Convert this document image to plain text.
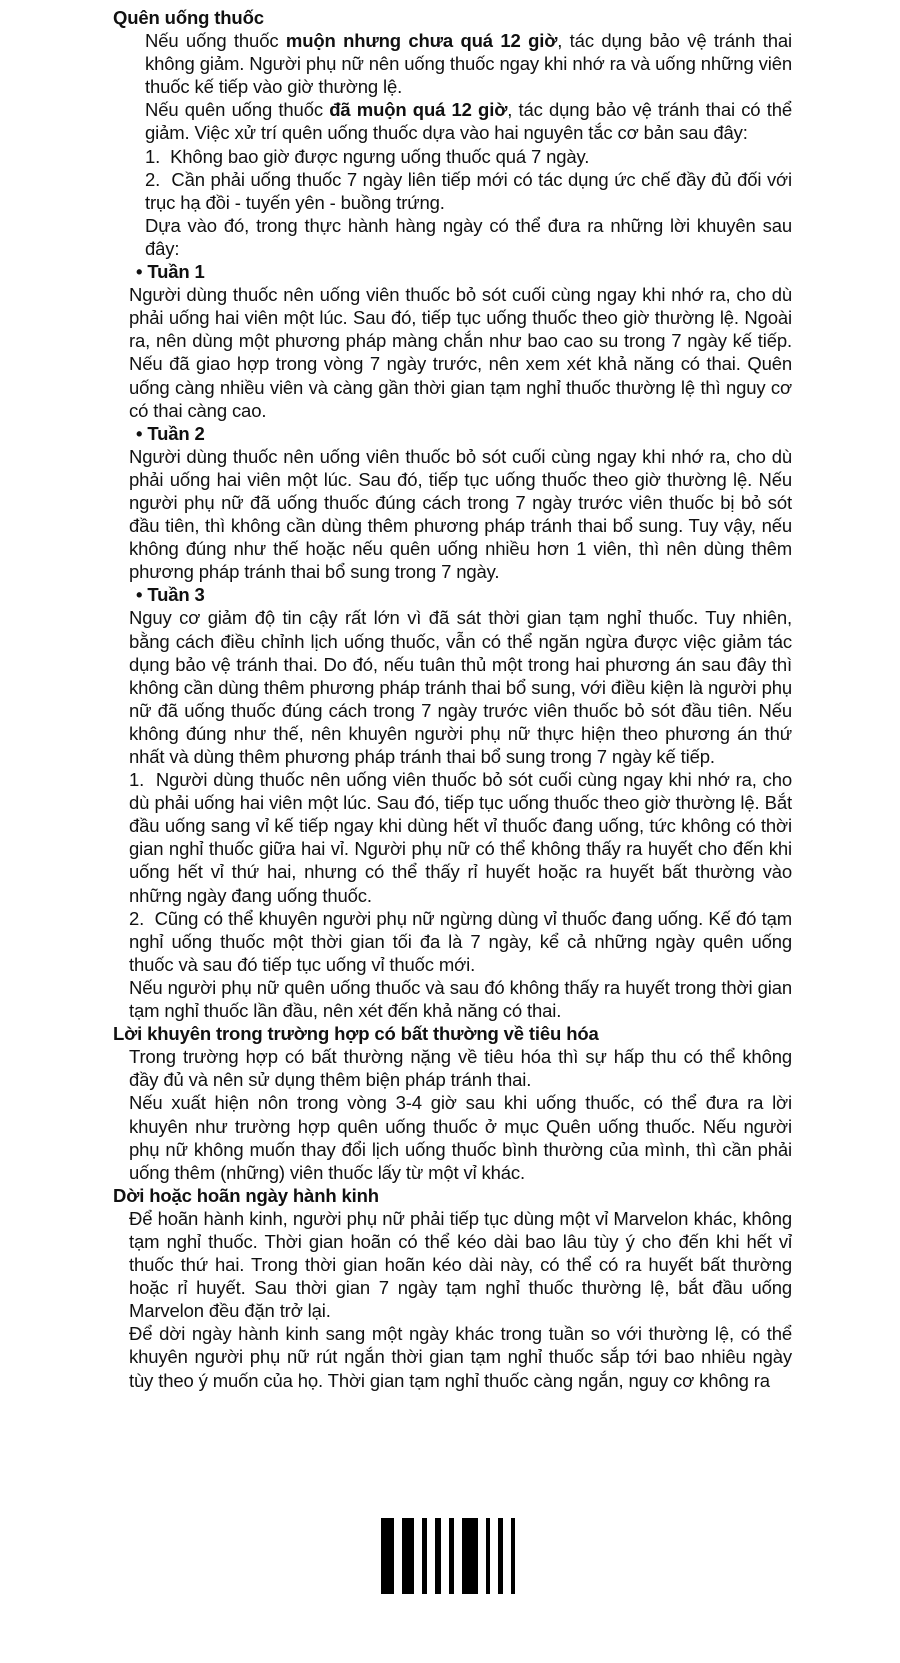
Quên uống thuốc
Nếu uống thuốc muộn nhưng chưa quá 12 giờ, tác dụng bảo vệ tránh thai không giảm. Người phụ nữ nên uống thuốc ngay khi nhớ ra và uống những viên thuốc kế tiếp vào giờ thường lệ.
Nếu quên uống thuốc đã muộn quá 12 giờ, tác dụng bảo vệ tránh thai có thể giảm. Việc xử trí quên uống thuốc dựa vào hai nguyên tắc cơ bản sau đây:
1.  Không bao giờ được ngưng uống thuốc quá 7 ngày.
2.  Cần phải uống thuốc 7 ngày liên tiếp mới có tác dụng ức chế đầy đủ đối với trục hạ đồi - tuyến yên - buồng trứng.
Dựa vào đó, trong thực hành hàng ngày có thể đưa ra những lời khuyên sau đây:
• Tuần 1
Người dùng thuốc nên uống viên thuốc bỏ sót cuối cùng ngay khi nhớ ra, cho dù phải uống hai viên một lúc. Sau đó, tiếp tục uống thuốc theo giờ thường lệ. Ngoài ra, nên dùng một phương pháp màng chắn như bao cao su trong 7 ngày kế tiếp. Nếu đã giao hợp trong vòng 7 ngày trước, nên xem xét khả năng có thai. Quên uống càng nhiều viên và càng gần thời gian tạm nghỉ thuốc thường lệ thì nguy cơ có thai càng cao.
• Tuần 2
Người dùng thuốc nên uống viên thuốc bỏ sót cuối cùng ngay khi nhớ ra, cho dù phải uống hai viên một lúc. Sau đó, tiếp tục uống thuốc theo giờ thường lệ. Nếu người phụ nữ đã uống thuốc đúng cách trong 7 ngày trước viên thuốc bị bỏ sót đầu tiên, thì không cần dùng thêm phương pháp tránh thai bổ sung. Tuy vậy, nếu không đúng như thế hoặc nếu quên uống nhiều hơn 1 viên, thì nên dùng thêm phương pháp tránh thai bổ sung trong 7 ngày.
• Tuần 3
Nguy cơ giảm độ tin cậy rất lớn vì đã sát thời gian tạm nghỉ thuốc. Tuy nhiên, bằng cách điều chỉnh lịch uống thuốc, vẫn có thể ngăn ngừa được việc giảm tác dụng bảo vệ tránh thai. Do đó, nếu tuân thủ một trong hai phương án sau đây thì không cần dùng thêm phương pháp tránh thai bổ sung, với điều kiện là người phụ nữ đã uống thuốc đúng cách trong 7 ngày trước viên thuốc bỏ sót đầu tiên. Nếu không đúng như thế, nên khuyên người phụ nữ thực hiện theo phương án thứ nhất và dùng thêm phương pháp tránh thai bổ sung trong 7 ngày kế tiếp.
1.  Người dùng thuốc nên uống viên thuốc bỏ sót cuối cùng ngay khi nhớ ra, cho dù phải uống hai viên một lúc. Sau đó, tiếp tục uống thuốc theo giờ thường lệ. Bắt đầu uống sang vỉ kế tiếp ngay khi dùng hết vỉ thuốc đang uống, tức không có thời gian nghỉ thuốc giữa hai vỉ. Người phụ nữ có thể không thấy ra huyết cho đến khi uống hết vỉ thứ hai, nhưng có thể thấy rỉ huyết hoặc ra huyết bất thường vào những ngày đang uống thuốc.
2.  Cũng có thể khuyên người phụ nữ ngừng dùng vỉ thuốc đang uống. Kế đó tạm nghỉ uống thuốc một thời gian tối đa là 7 ngày, kể cả những ngày quên uống thuốc và sau đó tiếp tục uống vỉ thuốc mới.
Nếu người phụ nữ quên uống thuốc và sau đó không thấy ra huyết trong thời gian tạm nghỉ thuốc lần đầu, nên xét đến khả năng có thai.
Lời khuyên trong trường hợp có bất thường về tiêu hóa
Trong trường hợp có bất thường nặng về tiêu hóa thì sự hấp thu có thể không đầy đủ và nên sử dụng thêm biện pháp tránh thai.
Nếu xuất hiện nôn trong vòng 3-4 giờ sau khi uống thuốc, có thể đưa ra lời khuyên như trường hợp quên uống thuốc ở mục Quên uống thuốc. Nếu người phụ nữ không muốn thay đổi lịch uống thuốc bình thường của mình, thì cần phải uống thêm (những) viên thuốc lấy từ một vỉ khác.
Dời hoặc hoãn ngày hành kinh
Để hoãn hành kinh, người phụ nữ phải tiếp tục dùng một vỉ Marvelon khác, không tạm nghỉ thuốc. Thời gian hoãn có thể kéo dài bao lâu tùy ý cho đến khi hết vỉ thuốc thứ hai. Trong thời gian hoãn kéo dài này, có thể có ra huyết bất thường hoặc rỉ huyết. Sau thời gian 7 ngày tạm nghỉ thuốc thường lệ, bắt đầu uống Marvelon đều đặn trở lại.
Để dời ngày hành kinh sang một ngày khác trong tuần so với thường lệ, có thể khuyên người phụ nữ rút ngắn thời gian tạm nghỉ thuốc sắp tới bao nhiêu ngày tùy theo ý muốn của họ. Thời gian tạm nghỉ thuốc càng ngắn, nguy cơ không ra
